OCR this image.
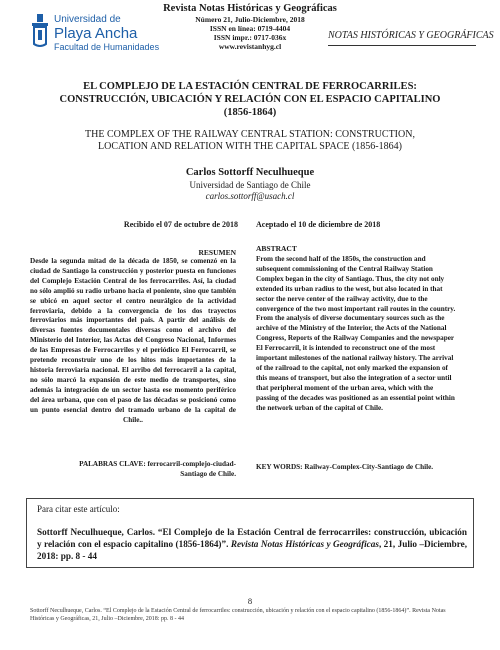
Universidad de
Playa Ancha
Facultad de Humanidades
Revista Notas Históricas y Geográficas
Número 21, Julio-Diciembre, 2018
ISSN en línea: 0719-4404
ISSN impr.: 0717-036x
www.revistanhyg.cl
NOTAS HISTÓRICAS Y GEOGRÁFICAS
EL COMPLEJO DE LA ESTACIÓN CENTRAL DE FERROCARRILES:
CONSTRUCCIÓN, UBICACIÓN Y RELACIÓN CON EL ESPACIO CAPITALINO
(1856-1864)
THE COMPLEX OF THE RAILWAY CENTRAL STATION: CONSTRUCTION,
LOCATION AND RELATION WITH THE CAPITAL SPACE (1856-1864)
Carlos Sottorff Neculhueque
Universidad de Santiago de Chile
carlos.sottorff@usach.cl
Recibido el 07 de octubre de 2018 Aceptado el 10 de diciembre de 2018
RESUMEN
Desde la segunda mitad de la década de 1850, se comenzó en la ciudad de Santiago la construcción y posterior puesta en funciones del Complejo Estación Central de los ferrocarriles. Así, la ciudad no sólo amplió su radio urbano hacia el poniente, sino que también se ubicó en aquel sector el centro neurálgico de la actividad ferroviaria, debido a la convergencia de los dos trayectos ferroviarios más importantes del país. A partir del análisis de diversas fuentes documentales diversas como el archivo del Ministerio del Interior, las Actas del Congreso Nacional, Informes de las Empresas de Ferrocarriles y el periódico El Ferrocarril, se pretende reconstruir uno de los hitos más importantes de la historia ferroviaria nacional. El arribo del ferrocarril a la capital, no sólo marcó la expansión de este medio de transportes, sino además la integración de un sector hasta ese momento periférico del área urbana, que con el paso de las décadas se posicionó como un punto esencial dentro del tramado urbano de la capital de Chile..
ABSTRACT
From the second half of the 1850s, the construction and subsequent commissioning of the Central Railway Station Complex began in the city of Santiago. Thus, the city not only extended its urban radius to the west, but also located in that sector the nerve center of the railway activity, due to the convergence of the two most important rail routes in the country. From the analysis of diverse documentary sources such as the archive of the Ministry of the Interior, the Acts of the National Congress, Reports of the Railway Companies and the newspaper El Ferrocarril, it is intended to reconstruct one of the most important milestones of the national railway history. The arrival of the railroad to the capital, not only marked the expansion of this means of transport, but also the integration of a sector until that peripheral moment of the urban area, which with the passing of the decades was positioned as an essential point within the network urban of the capital of Chile.
PALABRAS CLAVE: ferrocarril-complejo-ciudad-
Santiago de Chile.
KEY WORDS: Railway-Complex-City-Santiago de Chile.
Para citar este artículo:
Sottorff Neculhueque, Carlos. “El Complejo de la Estación Central de ferrocarriles: construcción, ubicación y relación con el espacio capitalino (1856-1864)”. Revista Notas Históricas y Geográficas, 21, Julio –Diciembre, 2018: pp. 8 - 44
8
Sottorff Neculhueque, Carlos. “El Complejo de la Estación Central de ferrocarriles: construcción, ubicación y relación con el espacio capitalino (1856-1864)”. Revista Notas Históricas y Geográficas, 21, Julio –Diciembre, 2018: pp. 8 - 44
